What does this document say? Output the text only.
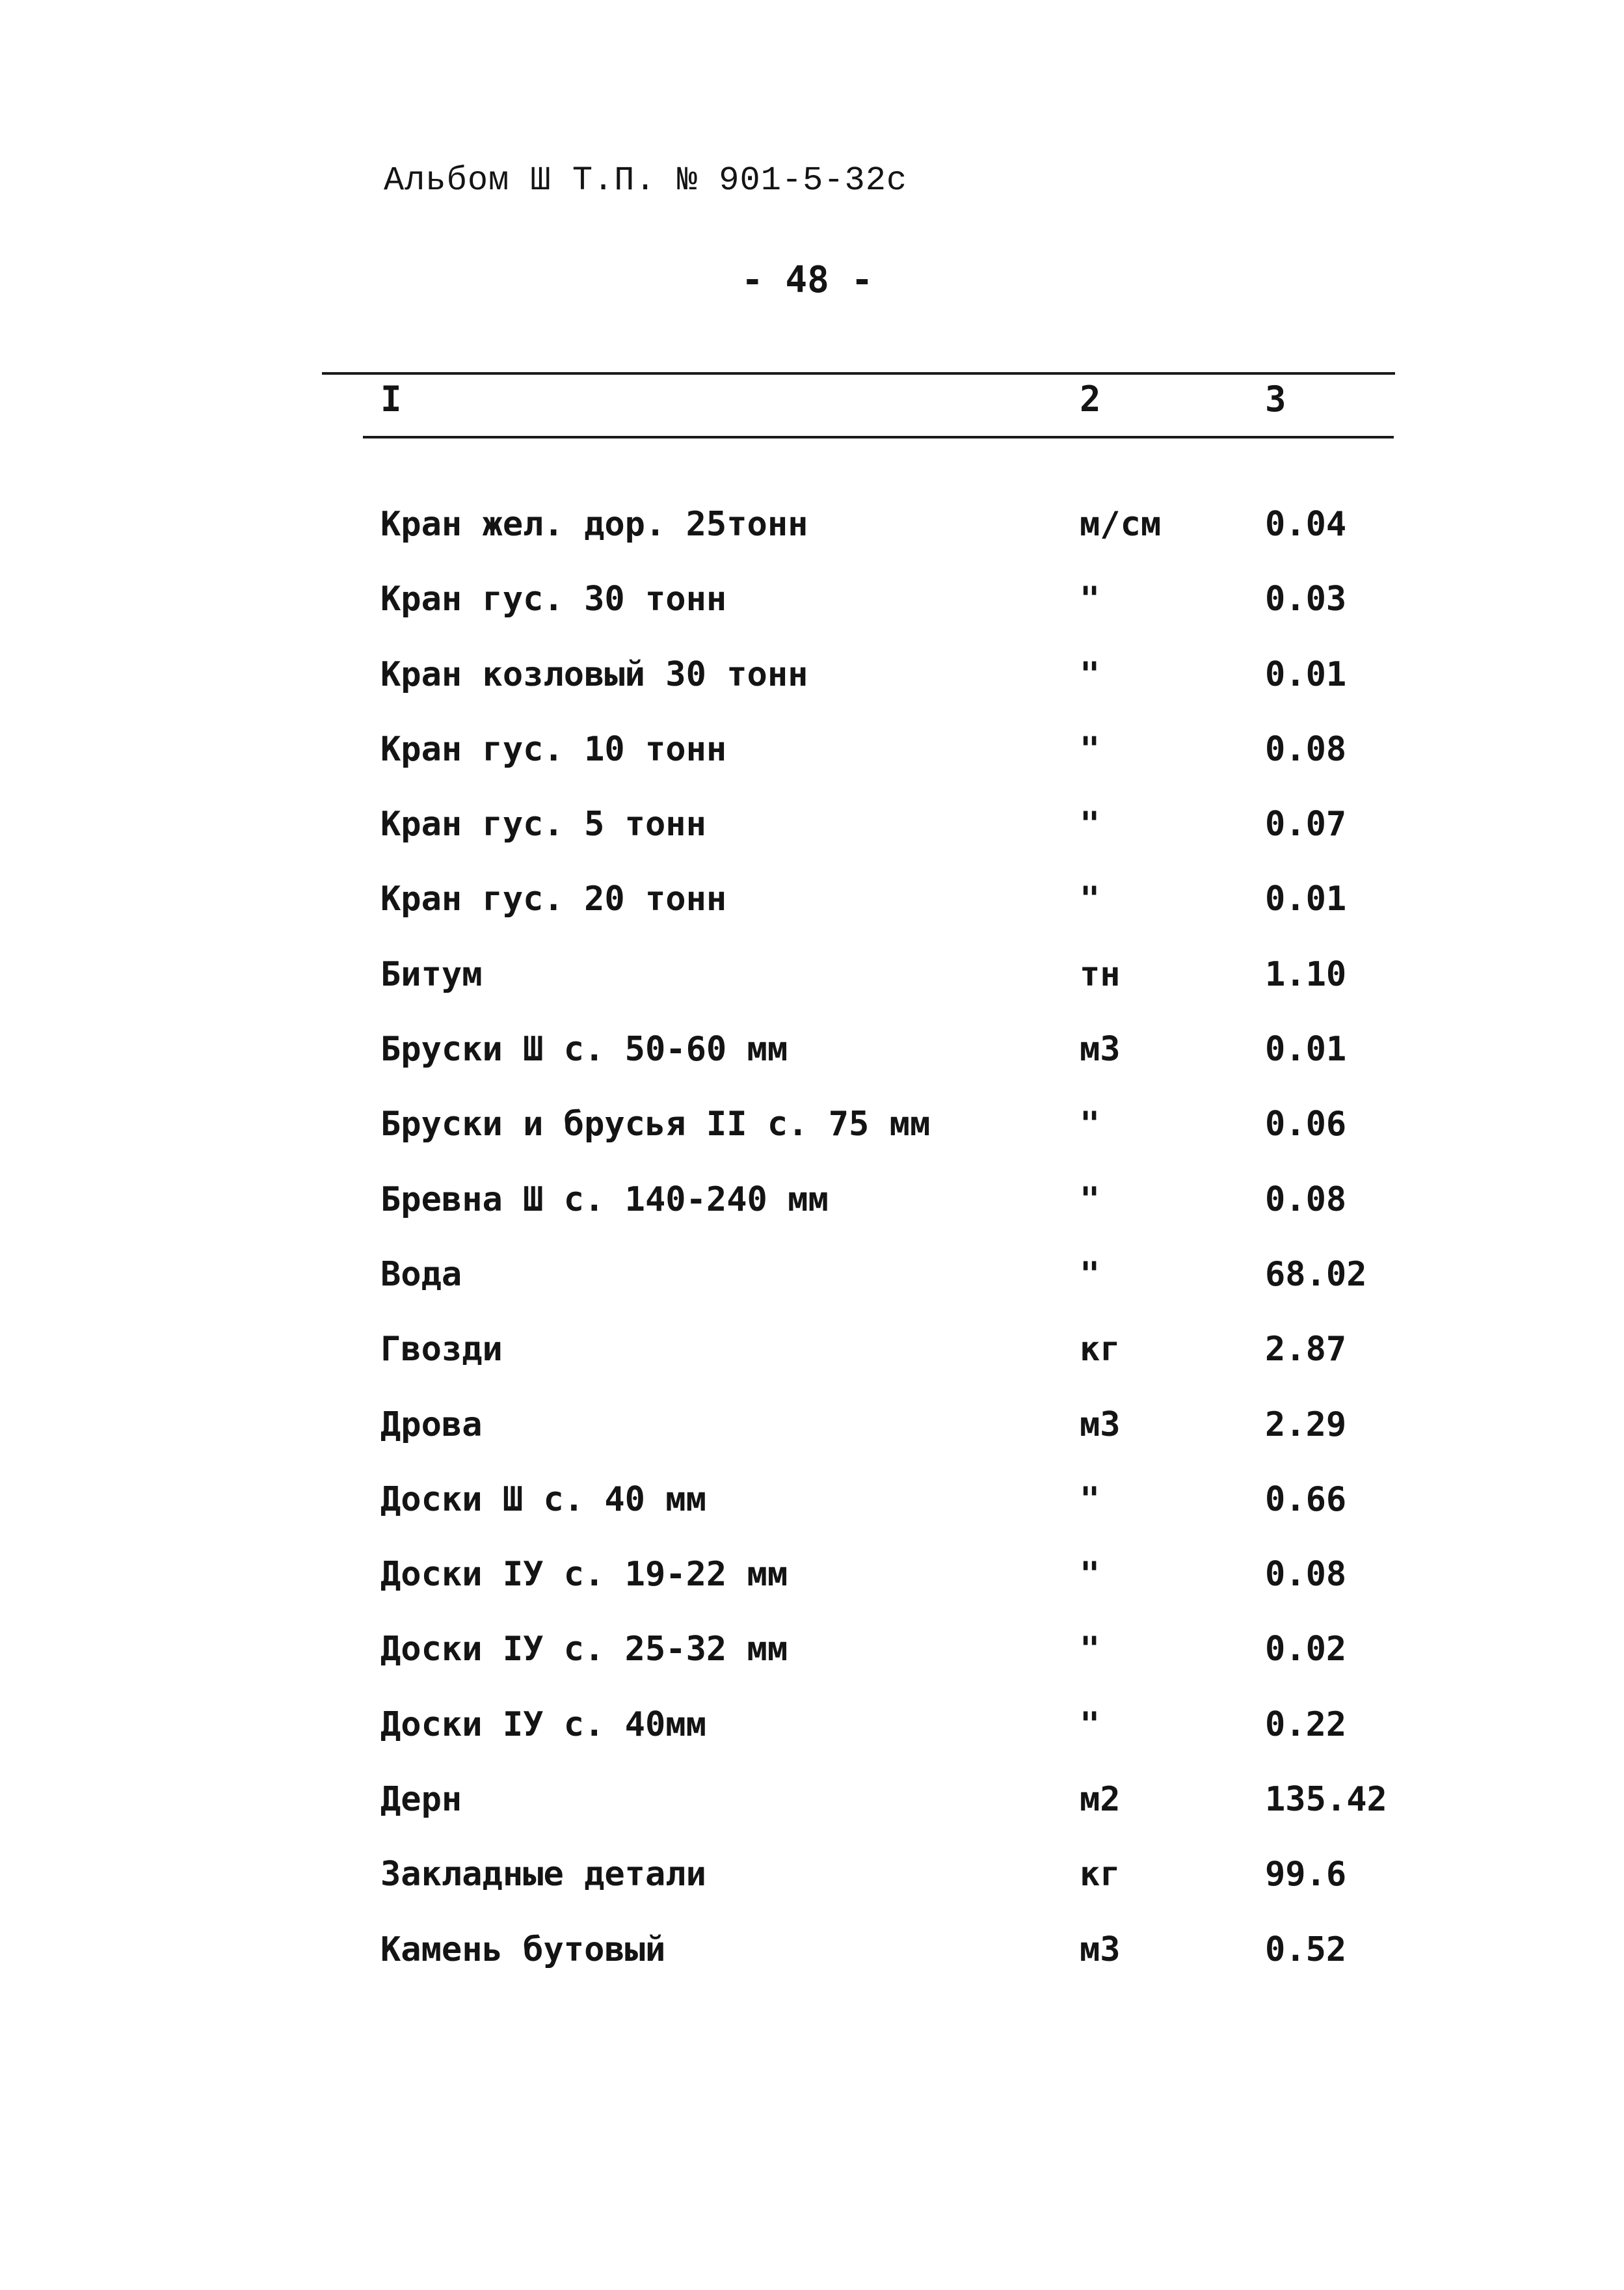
Альбом Ш Т.П. № 901-5-32с
- 48 -
I	2	3
Кран жел. дор. 25тонн	м/см	0.04
Кран гус. 30 тонн	"	0.03
Кран козловый 30 тонн	"	0.01
Кран гус. 10 тонн	"	0.08
Кран гус. 5 тонн	"	0.07
Кран гус. 20 тонн	"	0.01
Битум	тн	1.10
Бруски Ш с. 50-60 мм	м3	0.01
Бруски и брусья II с. 75 мм	"	0.06
Бревна Ш с. 140-240 мм	"	0.08
Вода	"	68.02
Гвозди	кг	2.87
Дрова	м3	2.29
Доски Ш с. 40 мм	"	0.66
Доски IУ с. 19-22 мм	"	0.08
Доски IУ с. 25-32 мм	"	0.02
Доски IУ с. 40мм	"	0.22
Дерн	м2	135.42
Закладные детали	кг	99.6
Камень бутовый	м3	0.52
